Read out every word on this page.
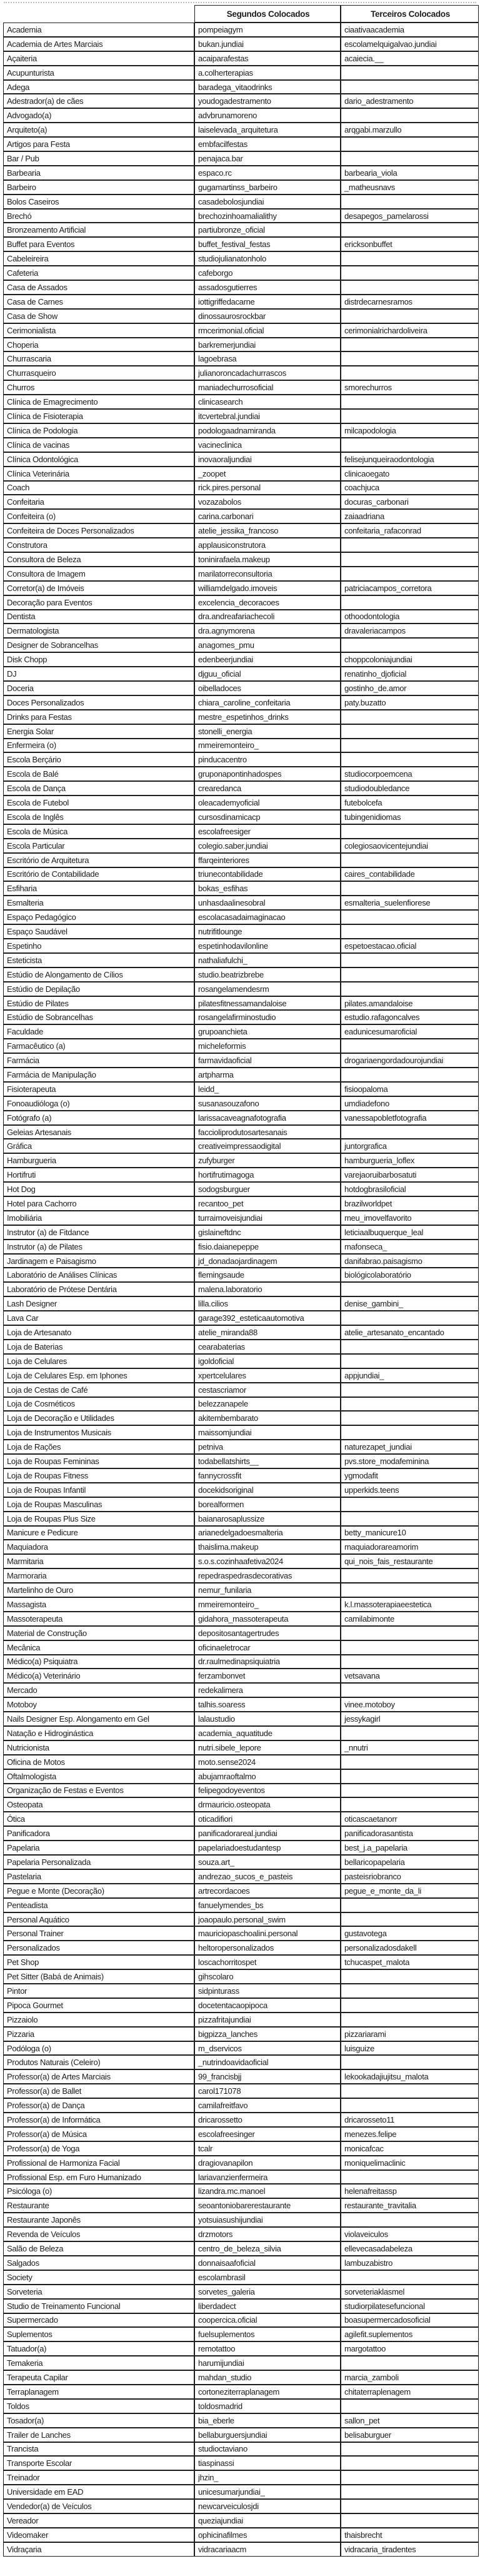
	Segundos Colocados	Terceiros Colocados
Academia	pompeiagym	ciaativaacademia
Academia de Artes Marciais	bukan.jundiai	escolamelquigalvao.jundiai
Açaiteria	acaiparafestas	acaiecia.__
Acupunturista	a.colherterapias	
Adega	baradega_vitaodrinks	
Adestrador(a) de cães	youdogadestramento	dario_adestramento
Advogado(a)	advbrunamoreno	
Arquiteto(a)	laiselevada_arquitetura	arqgabi.marzullo
Artigos para Festa	embfacilfestas	
Bar / Pub	penajaca.bar	
Barbearia	espaco.rc	barbearia_viola
Barbeiro	gugamartinss_barbeiro	_matheusnavs
Bolos Caseiros	casadebolosjundiai	
Brechó	brechozinhoamalialithy	desapegos_pamelarossi
Bronzeamento Artificial	partiubronze_oficial	
Buffet para Eventos	buffet_festival_festas	ericksonbuffet
Cabeleireira	studiojulianatonholo	
Cafeteria	cafeborgo	
Casa de Assados	assadosgutierres	
Casa de Carnes	iottigriffedacarne	distrdecarnesramos
Casa de Show	dinossaurosrockbar	
Cerimonialista	rmcerimonial.oficial	cerimonialrichardoliveira
Choperia	barkremerjundiai	
Churrascaria	lagoebrasa	
Churrasqueiro	julianoroncadachurrascos	
Churros	maniadechurrosoficial	smorechurros
Clínica de Emagrecimento	clinicasearch	
Clínica de Fisioterapia	itcvertebral.jundiai	
Clínica de Podologia	podologaadnamiranda	milcapodologia
Clínica de vacinas	vacineclinica	
Clínica Odontológica	inovaoraljundiai	felisejunqueiraodontologia
Clínica Veterinária	_zoopet	clinicaoegato
Coach	rick.pires.personal	coachjuca
Confeitaria	vozazabolos	docuras_carbonari
Confeiteira (o)	carina.carbonari	zaiaadriana
Confeiteira de Doces Personalizados	atelie_jessika_francoso	confeitaria_rafaconrad
Construtora	applausiconstrutora	
Consultora de Beleza	toninirafaela.makeup	
Consultora de Imagem	marilatorreconsultoria	
Corretor(a) de Imóveis	williamdelgado.imoveis	patriciacampos_corretora
Decoração para Eventos	excelencia_decoracoes	
Dentista	dra.andreafariachecoli	othoodontologia
Dermatologista	dra.agnymorena	dravaleriacampos
Designer de Sobrancelhas	anagomes_pmu	
Disk Chopp	edenbeerjundiai	choppcoloniajundiai
DJ	djguu_oficial	renatinho_djoficial
Doceria	oibelladoces	gostinho_de.amor
Doces Personalizados	chiara_caroline_confeitaria	paty.buzatto
Drinks para Festas	mestre_espetinhos_drinks	
Energia Solar	stonelli_energia	
Enfermeira (o)	mmeiremonteiro_	
Escola Berçário	pinducacentro	
Escola de Balé	gruponapontinhadospes	studiocorpoemcena
Escola de Dança	crearedanca	studiodoubledance
Escola de Futebol	oleacademyoficial	futebolcefa
Escola de Inglês	cursosdinamicacp	tubingenidiomas
Escola de Música	escolafreesiger	
Escola Particular	colegio.saber.jundiai	colegiosaovicentejundiai
Escritório de Arquitetura	ffarqeinteriores	
Escritório de Contabilidade	triunecontabilidade	caires_contabilidade
Esfiharia	bokas_esfihas	
Esmalteria	unhasdaalinesobral	esmalteria_suelenfiorese
Espaço Pedagógico	escolacasadaimaginacao	
Espaço Saudável	nutrifitlounge	
Espetinho	espetinhodavilonline	espetoestacao.oficial
Esteticista	nathaliafulchi_	
Estúdio de Alongamento de Cílios	studio.beatrizbrebe	
Estúdio de Depilação	rosangelamendesrm	
Estúdio de Pilates	pilatesfitnessamandaloise	pilates.amandaloise
Estúdio de Sobrancelhas	rosangelafirminostudio	estudio.rafagoncalves
Faculdade	grupoanchieta	eadunicesumaroficial
Farmacêutico (a)	micheleformis	
Farmácia	farmavidaoficial	drogariaengordadourojundiai
Farmácia de Manipulação	artpharma	
Fisioterapeuta	leidd_	fisioopaloma
Fonoaudióloga (o)	susanasouzafono	umdiadefono
Fotógrafo (a)	larissacaveagnafotografia	vanessapobletfotografia
Geleias Artesanais	faccioliprodutosartesanais	
Gráfica	creativeimpressaodigital	juntorgrafica
Hamburgueria	zufyburger	hamburgueria_loflex
Hortifruti	hortifrutimagoga	varejaoruibarbosatuti
Hot Dog	sodogsburguer	hotdogbrasiloficial
Hotel para Cachorro	recantoo_pet	brazilworldpet
Imobiliária	turraimoveisjundiai	meu_imovelfavorito
Instrutor (a) de Fitdance	gislaineftdnc	leticiaalbuquerque_leal
Instrutor (a) de Pilates	fisio.daianepeppe	mafonseca_
Jardinagem e Paisagismo	jd_donadaojardinagem	danifabrao.paisagismo
Laboratório de Análises Clínicas	flemingsaude	biológicolaboratório
Laboratório de Prótese Dentária	malena.laboratorio	
Lash Designer	lilla.cilios	denise_gambini_
Lava Car	garage392_esteticaautomotiva	
Loja de Artesanato	atelie_miranda88	atelie_artesanato_encantado
Loja de Baterias	cearabaterias	
Loja de Celulares	igoldoficial	
Loja de Celulares Esp. em Iphones	xpertcelulares	appjundiai_
Loja de Cestas de Café	cestascriamor	
Loja de Cosméticos	belezzanapele	
Loja de Decoração e Utilidades	akitembembarato	
Loja de Instrumentos Musicais	maissomjundiai	
Loja de Rações	petniva	naturezapet_jundiai
Loja de Roupas Femininas	todabellatshirts__	pvs.store_modafeminina
Loja de Roupas Fitness	fannycrossfit	ygmodafit
Loja de Roupas Infantil	docekidsoriginal	upperkids.teens
Loja de Roupas Masculinas	borealformen	
Loja de Roupas Plus Size	baianarosaplussize	
Manicure e Pedicure	arianedelgadoesmalteria	betty_manicure10
Maquiadora	thaislima.makeup	maquiadorareamorim
Marmitaria	s.o.s.cozinhaafetiva2024	qui_nois_fais_restaurante
Marmoraria	repedraspedrasdecorativas	
Martelinho de Ouro	nemur_funilaria	
Massagista	mmeiremonteiro_	k.l.massoterapiaeestetica
Massoterapeuta	gidahora_massoterapeuta	camilabimonte
Material de Construção	depositosantagertrudes	
Mecânica	oficinaeletrocar	
Médico(a) Psiquiatra	dr.raulmedinapsiquiatria	
Médico(a) Veterinário	ferzambonvet	vetsavana
Mercado	redekalimera	
Motoboy	talhis.soaress	vinee.motoboy
Nails Designer Esp. Alongamento em Gel	lalaustudio	jessykagirl
Natação e Hidroginástica	academia_aquatitude	
Nutricionista	nutri.sibele_lepore	_nnutri
Oficina de Motos	moto.sense2024	
Oftalmologista	abujamraoftalmo	
Organização de Festas e Eventos	felipegodoyeventos	
Osteopata	drmauricio.osteopata	
Ótica	oticadifiori	oticascaetanorr
Panificadora	panificadorareal.jundiai	panificadorasantista
Papelaria	papelariadoestudantesp	best_j.a_papelaria
Papelaria Personalizada	souza.art_	bellaricopapelaria
Pastelaria	andrezao_sucos_e_pasteis	pasteisriobranco
Pegue e Monte (Decoração)	artrecordacoes	pegue_e_monte_da_li
Penteadista	fanuelymendes_bs	
Personal Aquático	joaopaulo.personal_swim	
Personal Trainer	mauriciopaschoalini.personal	gustavotega
Personalizados	heltoropersonalizados	personalizadosdakell
Pet Shop	loscachorritospet	tchucaspet_malota
Pet Sitter (Babá de Animais)	gihscolaro	
Pintor	sidpinturass	
Pipoca Gourmet	docetentacaopipoca	
Pizzaiolo	pizzafritajundiai	
Pizzaria	bigpizza_lanches	pizzariarami
Podóloga (o)	m_dservicos	luisguize
Produtos Naturais (Celeiro)	_nutrindoavidaoficial	
Professor(a) de Artes Marciais	99_francisbjj	lekookadajiujitsu_malota
Professor(a) de Ballet	carol171078	
Professor(a) de Dança	camilafreitfavo	
Professor(a) de Informática	dricarossetto	dricarosseto11
Professor(a) de Música	escolafreesinger	menezes.felipe
Professor(a) de Yoga	tcalr	monicafcac
Profissional de Harmoniza Facial	dragiovanapilon	moniquelimaclinic
Profissional Esp. em Furo Humanizado	lariavanzienfermeira	
Psicóloga (o)	lizandra.mc.manoel	helenafreitassp
Restaurante	seoantoniobarerestaurante	restaurante_travitalia
Restaurante Japonês	yotsuiasushijundiai	
Revenda de Veículos	drzmotors	violaveiculos
Salão de Beleza	centro_de_beleza_silvia	ellevecasadabeleza
Salgados	donnaisaafoficial	lambuzabistro
Society	escolambrasil	
Sorveteria	sorvetes_galeria	sorveteriaklasmel
Studio de Treinamento Funcional	liberdadect	studiorpilatesefuncional
Supermercado	coopercica.oficial	boasupermercadosoficial
Suplementos	fuelsuplementos	agilefit.suplementos
Tatuador(a)	remotattoo	margotattoo
Temakeria	harumijundiai	
Terapeuta Capilar	mahdan_studio	marcia_zamboli
Terraplanagem	cortoneziterraplanagem	chitaterraplenagem
Toldos	toldosmadrid	
Tosador(a)	bia_eberle	sallon_pet
Trailer de Lanches	bellaburguersjundiai	belisaburguer
Trancista	studioctaviano	
Transporte Escolar	tiaspinassi	
Treinador	jhzin_	
Universidade em EAD	unicesumarjundiai_	
Vendedor(a) de Veículos	newcarveiculosjdi	
Vereador	queziajundiai	
Videomaker	ophicinafilmes	thaisbrecht
Vidraçaria	vidracariaacm	vidracaria_tiradentes
